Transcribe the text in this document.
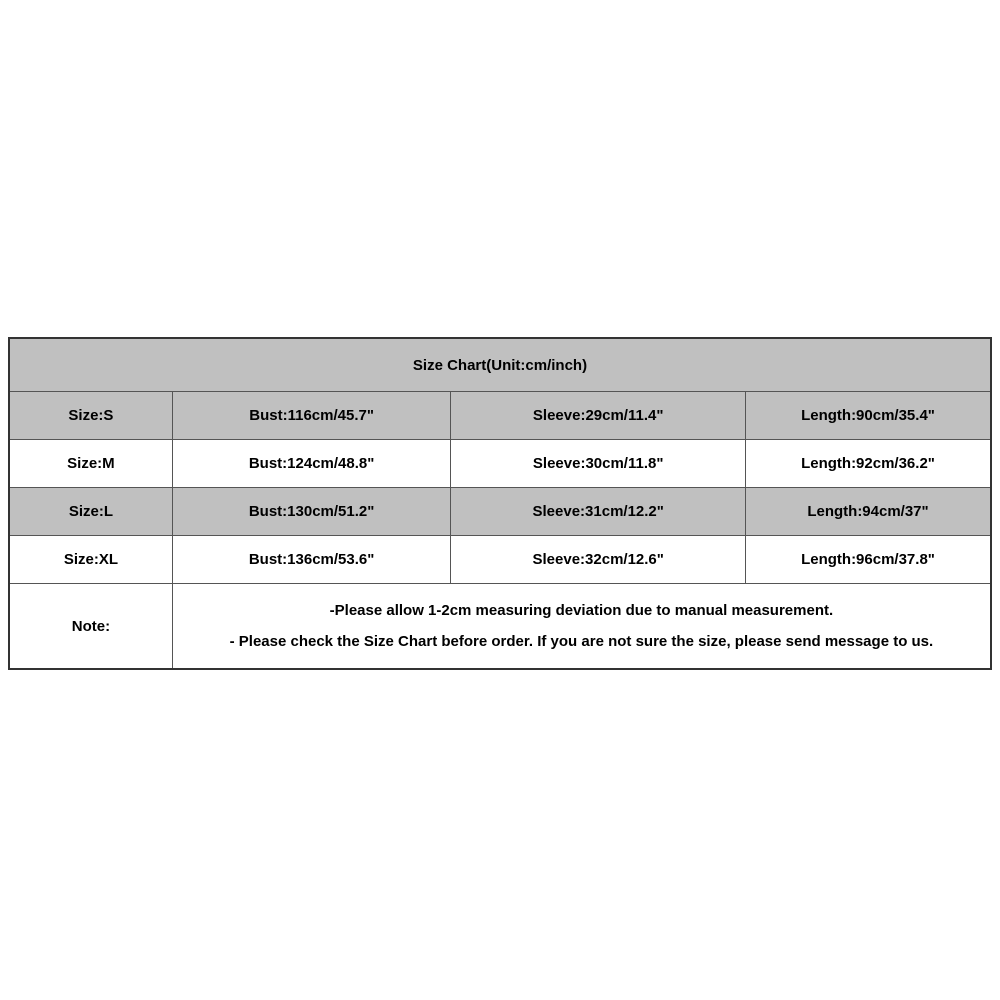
Size Chart(Unit:cm/inch)			
Size:S	Bust:116cm/45.7"	Sleeve:29cm/11.4"	Length:90cm/35.4"
Size:M	Bust:124cm/48.8"	Sleeve:30cm/11.8"	Length:92cm/36.2"
Size:L	Bust:130cm/51.2"	Sleeve:31cm/12.2"	Length:94cm/37"
Size:XL	Bust:136cm/53.6"	Sleeve:32cm/12.6"	Length:96cm/37.8"
Note:	-Please allow 1-2cm measuring deviation due to manual measurement.
- Please check the Size Chart before order. If you are not sure the size, please send message to us.		
